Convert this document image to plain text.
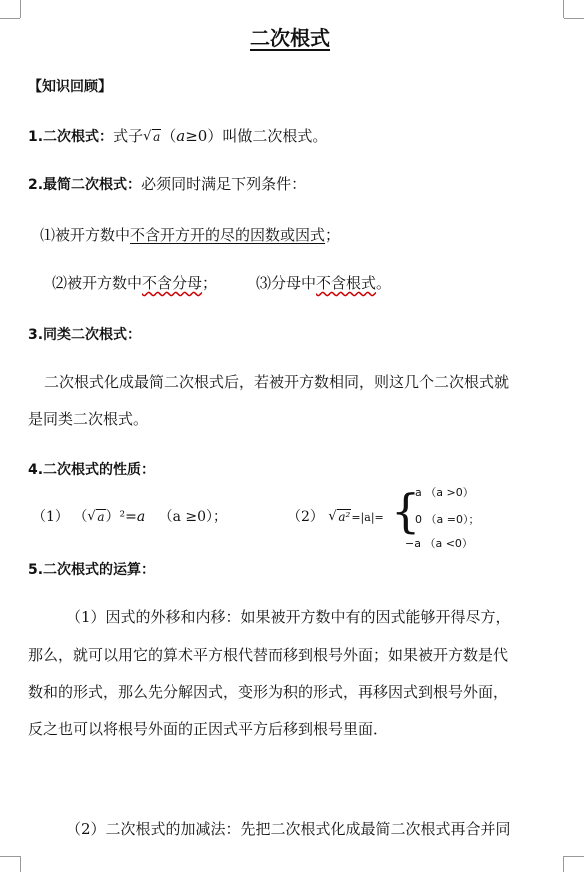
二次根式
【知识回顾】
1.二次根式：式子 √ a（a≥0）叫做二次根式。
2.最简二次根式：必须同时满足下列条件：
⑴被开方数中不含开方开的尽的因数或因式；
⑵被开方数中不含分母；	⑶分母中不含根式。
3.同类二次根式：
二次根式化成最简二次根式后，若被开方数相同，则这几个二次根式就
是同类二次根式。
4.二次根式的性质：
（1） （ √ a）²=a （a ≥0）；	（2） √ a²=|a|= {
a （a >0）
0 （a =0）；
−a （a <0）
5.二次根式的运算：
（1）因式的外移和内移：如果被开方数中有的因式能够开得尽方，
那么，就可以用它的算术平方根代替而移到根号外面；如果被开方数是代
数和的形式，那么先分解因式，变形为积的形式，再移因式到根号外面，
反之也可以将根号外面的正因式平方后移到根号里面．
（2）二次根式的加减法：先把二次根式化成最简二次根式再合并同
